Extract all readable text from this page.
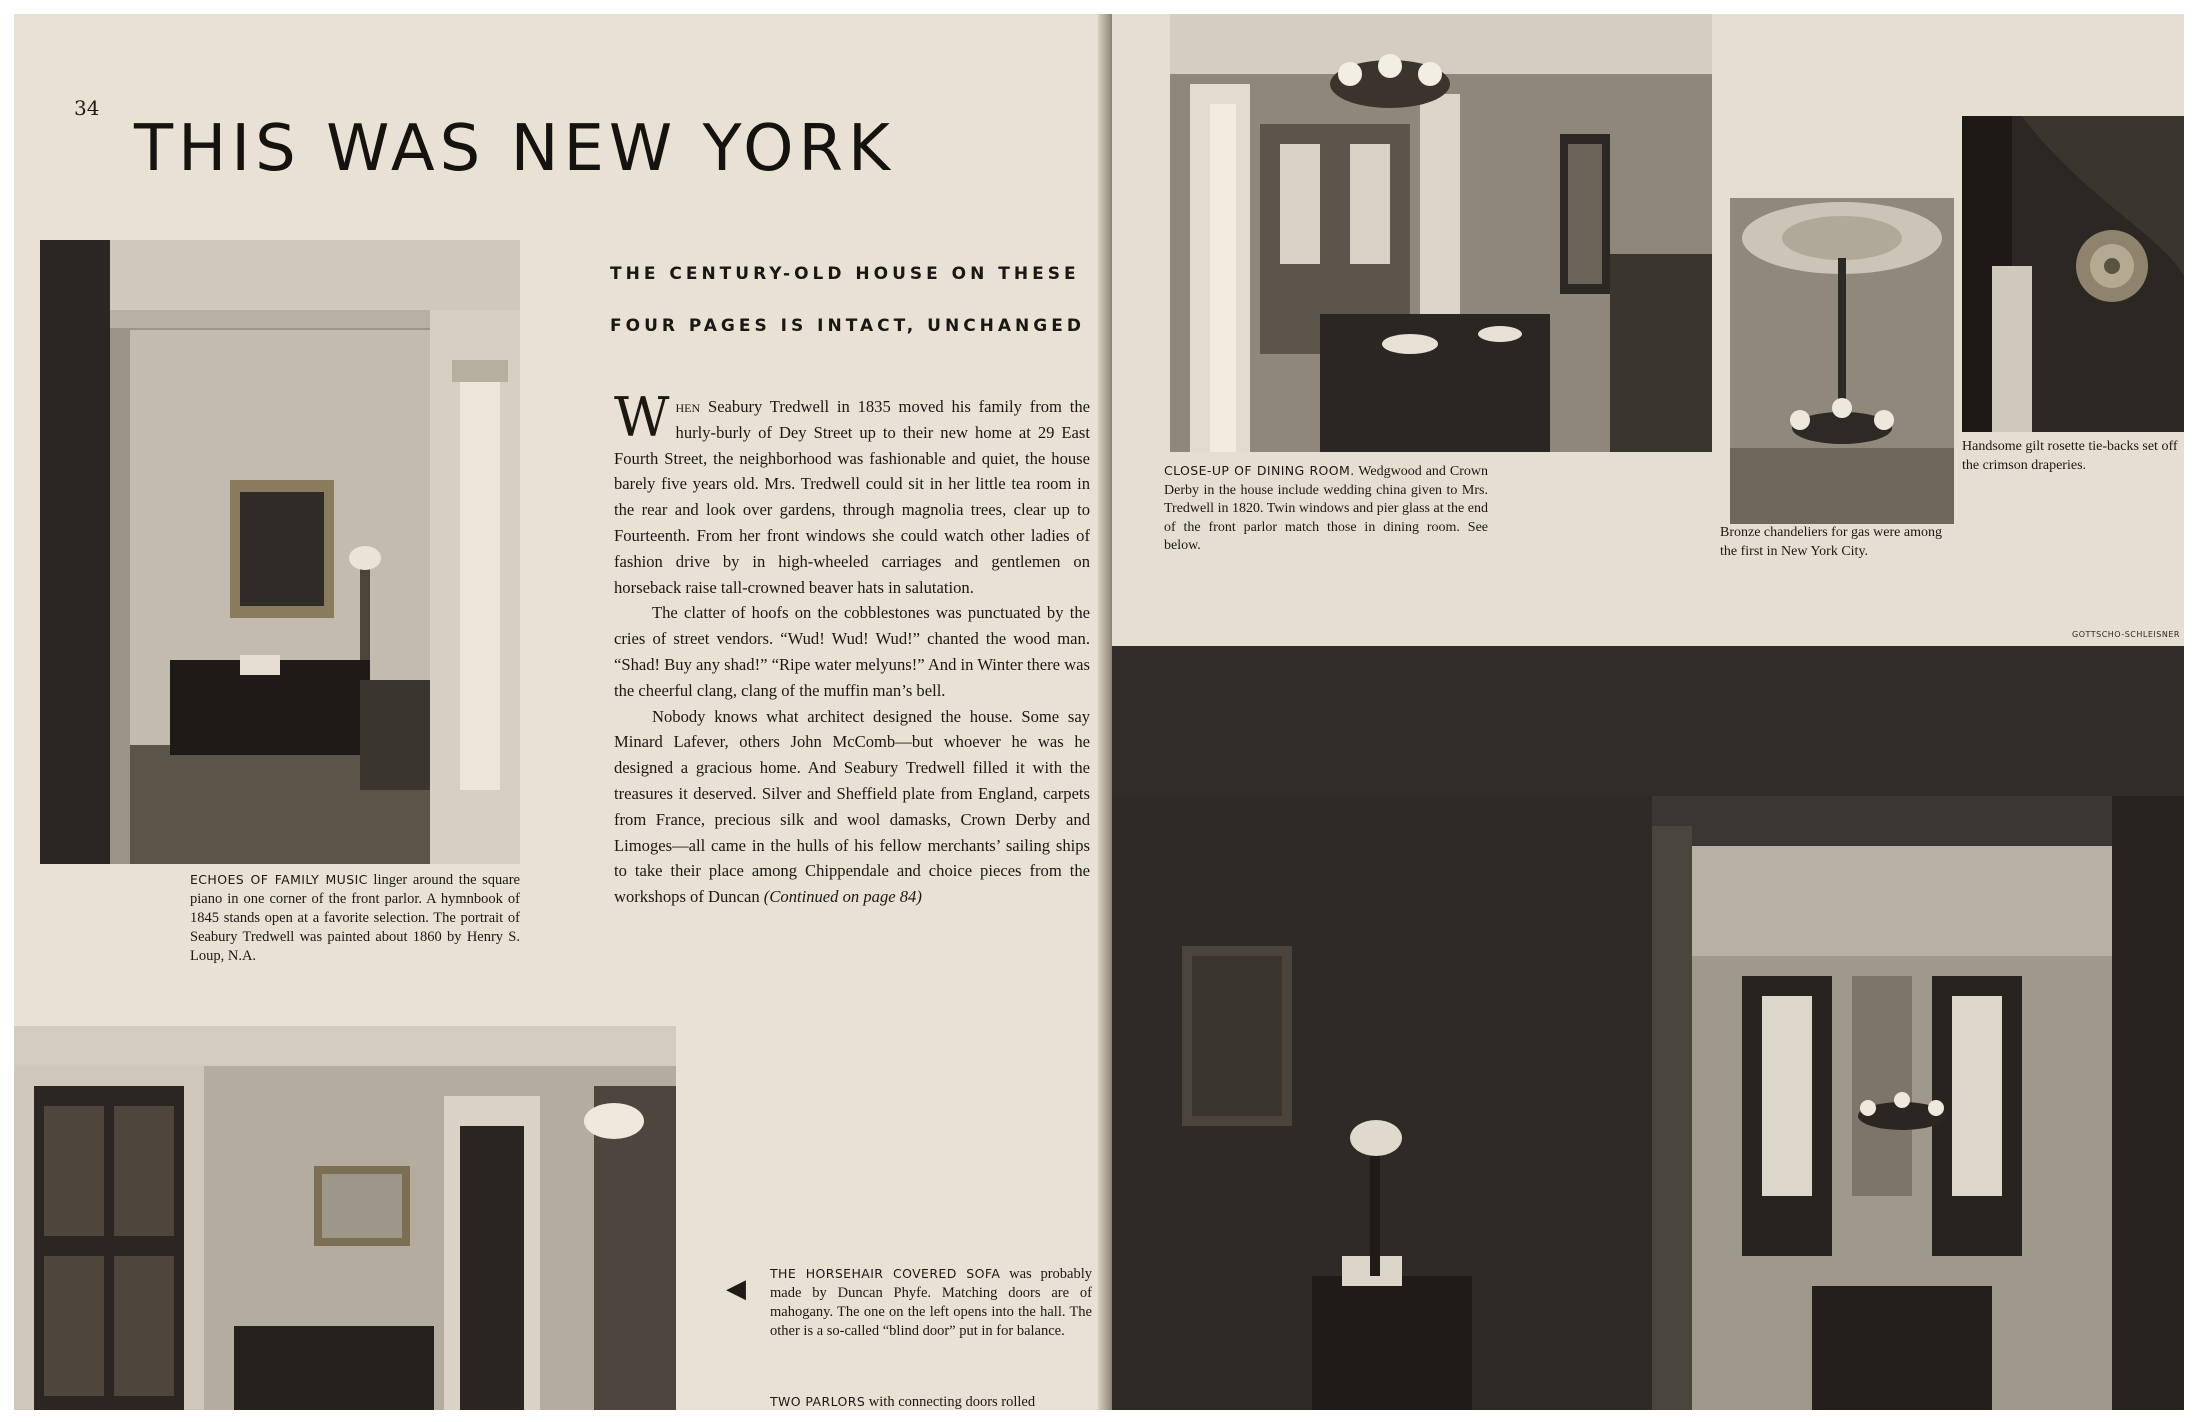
34
THIS WAS NEW YORK
ECHOES OF FAMILY MUSIC linger around the square piano in one corner of the front parlor. A hymnbook of 1845 stands open at a favorite selection. The portrait of Seabury Tredwell was painted about 1860 by Henry S. Loup, N.A.
THE CENTURY-OLD HOUSE ON THESE
FOUR PAGES IS INTACT, UNCHANGED

When Seabury Tredwell in 1835 moved his family from the hurly-burly of Dey Street up to their new home at 29 East Fourth Street, the neighborhood was fashionable and quiet, the house barely five years old. Mrs. Tredwell could sit in her little tea room in the rear and look over gardens, through magnolia trees, clear up to Fourteenth. From her front windows she could watch other ladies of fashion drive by in high-wheeled carriages and gentlemen on horseback raise tall-crowned beaver hats in salutation.

The clatter of hoofs on the cobblestones was punctuated by the cries of street vendors. “Wud! Wud! Wud!” chanted the wood man. “Shad! Buy any shad!” “Ripe water melyuns!” And in Winter there was the cheerful clang, clang of the muffin man’s bell.

Nobody knows what architect designed the house. Some say Minard Lafever, others John McComb—but whoever he was he designed a gracious home. And Seabury Tredwell filled it with the treasures it deserved. Silver and Sheffield plate from England, carpets from France, precious silk and wool damasks, Crown Derby and Limoges—all came in the hulls of his fellow merchants’ sailing ships to take their place among Chippendale and choice pieces from the workshops of Duncan (Continued on page 84)

◀
THE HORSEHAIR COVERED SOFA was probably made by Duncan Phyfe. Matching doors are of mahogany. The one on the left opens into the hall. The other is a so-called “blind door” put in for balance.
TWO PARLORS with connecting doors rolled
CLOSE-UP OF DINING ROOM. Wedgwood and Crown Derby in the house include wedding china given to Mrs. Tredwell in 1820. Twin windows and pier glass at the end of the front parlor match those in dining room. See below.
Bronze chandeliers for gas were among the first in New York City.
Handsome gilt rosette tie-backs set off the crimson draperies.
GOTTSCHO-SCHLEISNER
